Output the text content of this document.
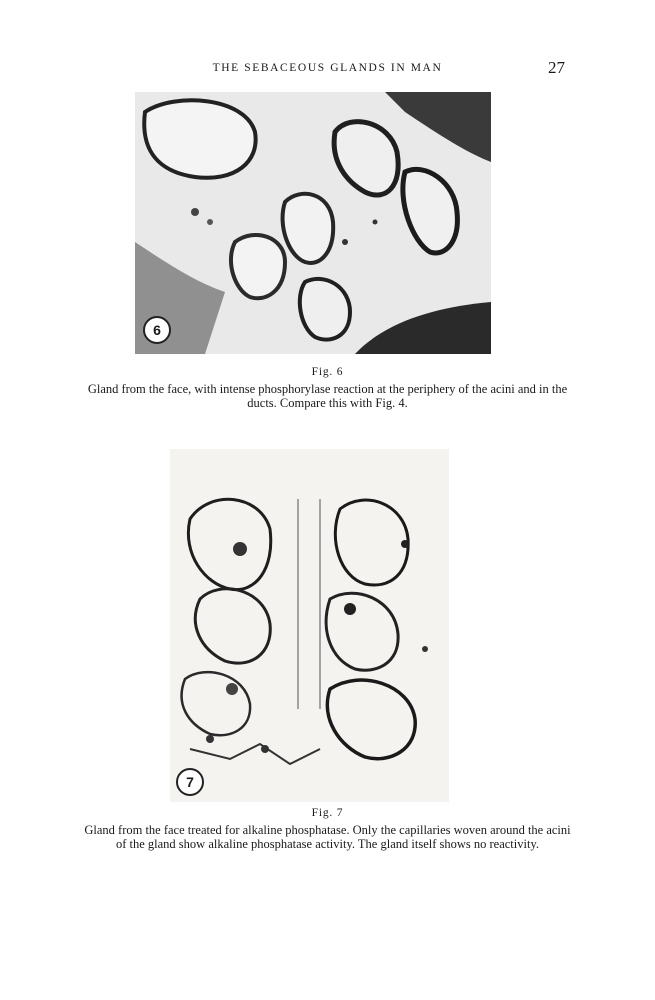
THE SEBACEOUS GLANDS IN MAN	27
6
Fig. 6
Gland from the face, with intense phosphorylase reaction at the periphery of the acini and in the ducts. Compare this with Fig. 4.
7
Fig. 7
Gland from the face treated for alkaline phosphatase. Only the capillaries woven around the acini of the gland show alkaline phosphatase activity. The gland itself shows no reactivity.
